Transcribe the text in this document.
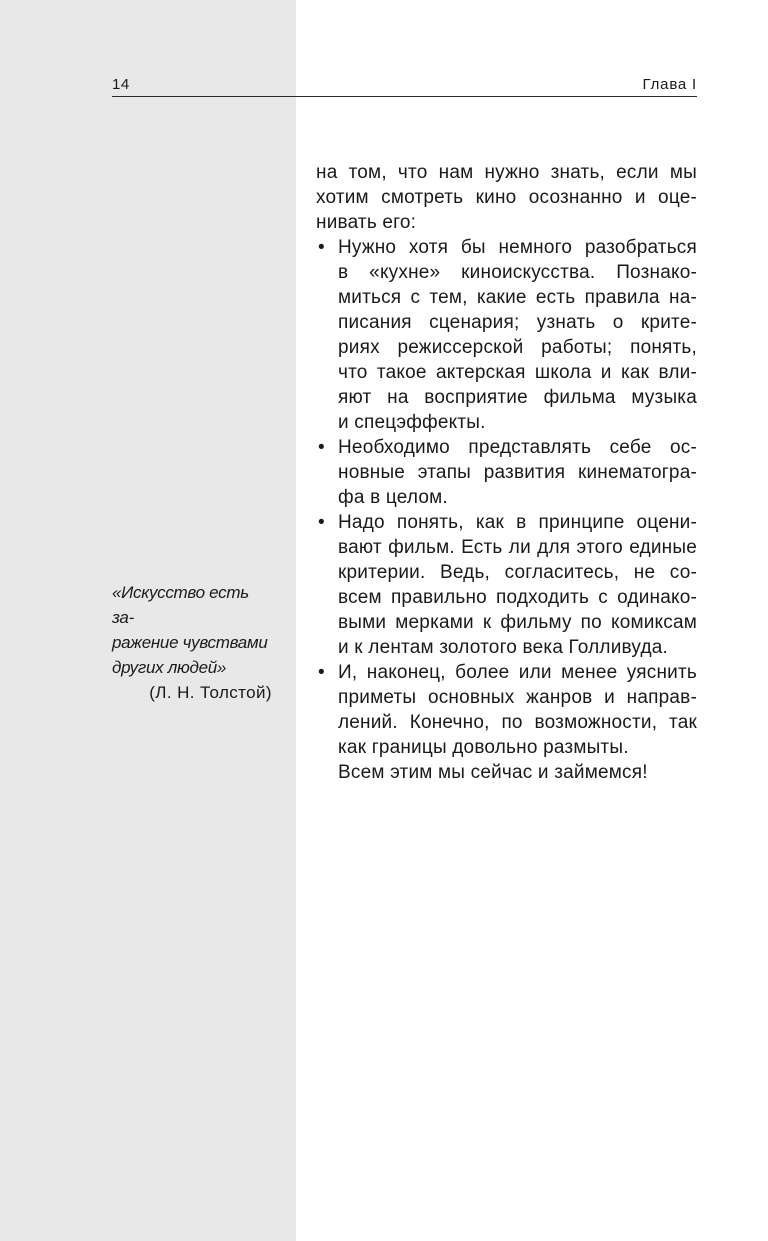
14	Глава I
«Искусство есть за-
ражение чувствами
других людей»
(Л. Н. Толстой)
на том, что нам нужно знать, если мы
хотим смотреть кино осознанно и оце-
нивать его:
• Нужно хотя бы немного разобраться
в «кухне» киноискусства. Познако-
миться с тем, какие есть правила на-
писания сценария; узнать о крите-
риях режиссерской работы; понять,
что такое актерская школа и как вли-
яют на восприятие фильма музыка
и спецэффекты.
• Необходимо представлять себе ос-
новные этапы развития кинематогра-
фа в целом.
• Надо понять, как в принципе оцени-
вают фильм. Есть ли для этого единые
критерии. Ведь, согласитесь, не со-
всем правильно подходить с одинако-
выми мерками к фильму по комиксам
и к лентам золотого века Голливуда.
• И, наконец, более или менее уяснить
приметы основных жанров и направ-
лений. Конечно, по возможности, так
как границы довольно размыты.
Всем этим мы сейчас и займемся!
